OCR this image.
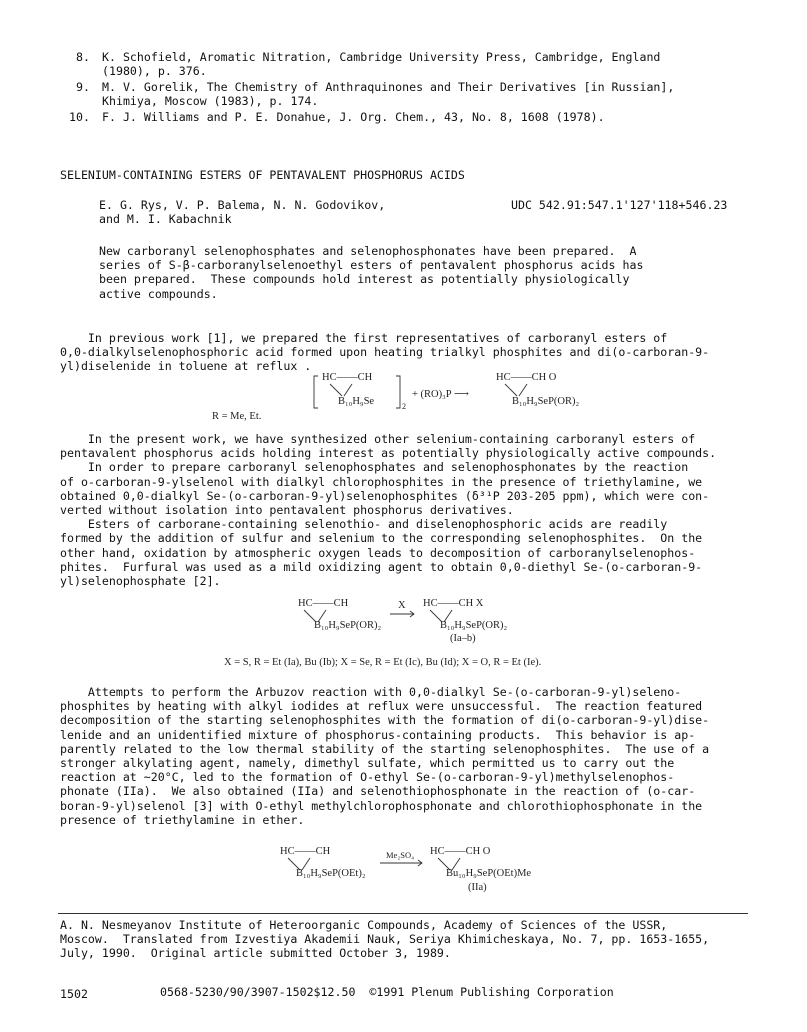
8. K. Schofield, Aromatic Nitration, Cambridge University Press, Cambridge, England
(1980), p. 376.
9. M. V. Gorelik, The Chemistry of Anthraquinones and Their Derivatives [in Russian],
Khimiya, Moscow (1983), p. 174.
10. F. J. Williams and P. E. Donahue, J. Org. Chem., 43, No. 8, 1608 (1978).
SELENIUM-CONTAINING ESTERS OF PENTAVALENT PHOSPHORUS ACIDS
E. G. Rys, V. P. Balema, N. N. Godovikov,
and M. I. Kabachnik
UDC 542.91:547.1'127'118+546.23
New carboranyl selenophosphates and selenophosphonates have been prepared.  A
series of S-β-carboranylselenoethyl esters of pentavalent phosphorus acids has
been prepared.  These compounds hold interest as potentially physiologically
active compounds.
In previous work [1], we prepared the first representatives of carboranyl esters of
0,0-dialkylselenophosphoric acid formed upon heating trialkyl phosphites and di(o-carboran-9-
yl)diselenide in toluene at reflux .
HC——CH
B₁₀H₉Se	2
+ (RO)₃P ⟶
HC——CH O
B₁₀H₉SeP(OR)₂
R = Me, Et.
In the present work, we have synthesized other selenium-containing carboranyl esters of
pentavalent phosphorus acids holding interest as potentially physiologically active compounds.
In order to prepare carboranyl selenophosphates and selenophosphonates by the reaction
of o-carboran-9-ylselenol with dialkyl chlorophosphites in the presence of triethylamine, we
obtained 0,0-dialkyl Se-(o-carboran-9-yl)selenophosphites (δ³¹P 203-205 ppm), which were con-
verted without isolation into pentavalent phosphorus derivatives.
Esters of carborane-containing selenothio- and diselenophosphoric acids are readily
formed by the addition of sulfur and selenium to the corresponding selenophosphites.  On the
other hand, oxidation by atmospheric oxygen leads to decomposition of carboranylselenophos-
phites.  Furfural was used as a mild oxidizing agent to obtain 0,0-diethyl Se-(o-carboran-9-
yl)selenophosphate [2].
HC——CH
B₁₀H₉SeP(OR)₂
X HC——CH X
B₁₀H₉SeP(OR)₂
(Ia–b)
X = S, R = Et (Ia), Bu (Ib); X = Se, R = Et (Ic), Bu (Id); X = O, R = Et (Ie).
Attempts to perform the Arbuzov reaction with 0,0-dialkyl Se-(o-carboran-9-yl)seleno-
phosphites by heating with alkyl iodides at reflux were unsuccessful.  The reaction featured
decomposition of the starting selenophosphites with the formation of di(o-carboran-9-yl)dise-
lenide and an unidentified mixture of phosphorus-containing products.  This behavior is ap-
parently related to the low thermal stability of the starting selenophosphites.  The use of a
stronger alkylating agent, namely, dimethyl sulfate, which permitted us to carry out the
reaction at ~20°C, led to the formation of O-ethyl Se-(o-carboran-9-yl)methylselenophos-
phonate (IIa).  We also obtained (IIa) and selenothiophosphonate in the reaction of (o-car-
boran-9-yl)selenol [3] with O-ethyl methylchlorophosphonate and chlorothiophosphonate in the
presence of triethylamine in ether.
HC——CH
B₁₀H₉SeP(OEt)₂
Me₂SO₄ HC——CH O
Bu₁₀H₉SeP(OEt)Me
(IIa)
A. N. Nesmeyanov Institute of Heteroorganic Compounds, Academy of Sciences of the USSR,
Moscow.  Translated from Izvestiya Akademii Nauk, Seriya Khimicheskaya, No. 7, pp. 1653-1655,
July, 1990.  Original article submitted October 3, 1989.
1502	0568-5230/90/3907-1502$12.50  ©1991 Plenum Publishing Corporation
